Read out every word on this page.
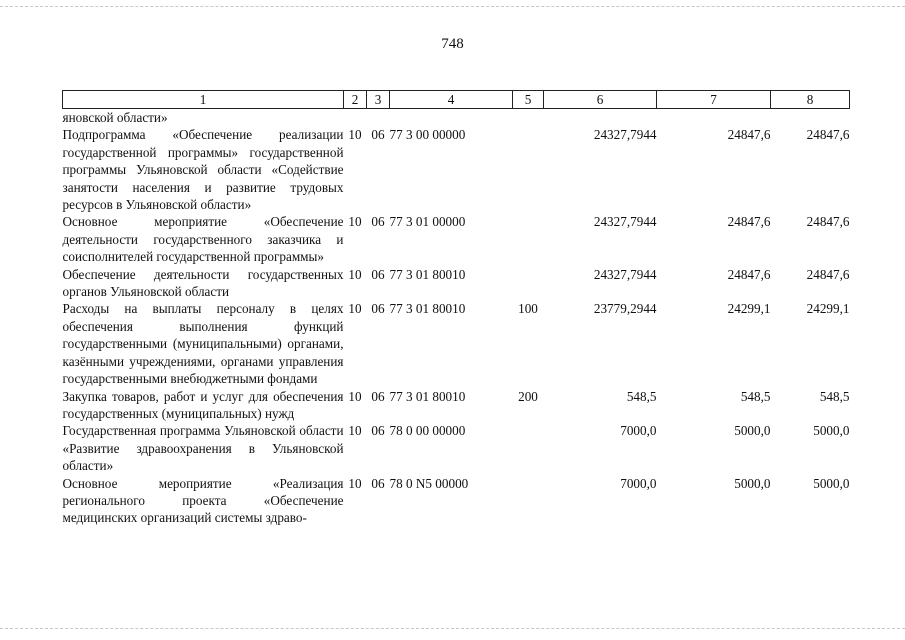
748
1	2	3	4	5	6	7	8
яновской области»							
Подпрограмма «Обеспечение реализации государственной программы» государственной программы Ульяновской области «Содействие занятости населения и развитие трудовых ресурсов в Ульяновской области»	10	06	77 3 00 00000		24327,7944	24847,6	24847,6
Основное мероприятие «Обеспечение деятельности государственного заказчика и соисполнителей государственной программы»	10	06	77 3 01 00000		24327,7944	24847,6	24847,6
Обеспечение деятельности государственных органов Ульяновской области	10	06	77 3 01 80010		24327,7944	24847,6	24847,6
Расходы на выплаты персоналу в целях обеспечения выполнения функций государственными (муниципальными) органами, казёнными учреждениями, органами управления государственными внебюджетными фондами	10	06	77 3 01 80010	100	23779,2944	24299,1	24299,1
Закупка товаров, работ и услуг для обеспечения государственных (муниципальных) нужд	10	06	77 3 01 80010	200	548,5	548,5	548,5
Государственная программа Ульяновской области «Развитие здравоохранения в Ульяновской области»	10	06	78 0 00 00000		7000,0	5000,0	5000,0
Основное мероприятие «Реализация регионального проекта «Обеспечение медицинских организаций системы здраво-	10	06	78 0 N5 00000		7000,0	5000,0	5000,0
